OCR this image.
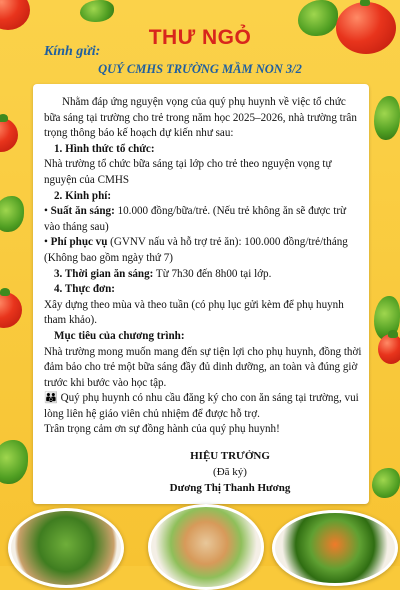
THƯ NGỎ
Kính gửi:
QUÝ CMHS TRƯỜNG MẦM NON 3/2

Nhằm đáp ứng nguyện vọng của quý phụ huynh về việc tổ chức bữa sáng tại trường cho trẻ trong năm học 2025–2026, nhà trường trân trọng thông báo kế hoạch dự kiến như sau:

1. Hình thức tổ chức:

Nhà trường tổ chức bữa sáng tại lớp cho trẻ theo nguyện vọng tự nguyện của CMHS

2. Kinh phí:

• Suất ăn sáng: 10.000 đồng/bữa/trẻ. (Nếu trẻ không ăn sẽ được trừ vào tháng sau)

• Phí phục vụ (GVNV nấu và hỗ trợ trẻ ăn): 100.000 đồng/trẻ/tháng (Không bao gồm ngày thứ 7)

3. Thời gian ăn sáng: Từ 7h30 đến 8h00 tại lớp.

4. Thực đơn:

Xây dựng theo mùa và theo tuần (có phụ lục gửi kèm để phụ huynh tham khảo).

Mục tiêu của chương trình:

Nhà trường mong muốn mang đến sự tiện lợi cho phụ huynh, đồng thời đảm bảo cho trẻ một bữa sáng đầy đủ dinh dưỡng, an toàn và đúng giờ trước khi bước vào học tập.

👪 Quý phụ huynh có nhu cầu đăng ký cho con ăn sáng tại trường, vui lòng liên hệ giáo viên chủ nhiệm để được hỗ trợ.

Trân trọng cảm ơn sự đồng hành của quý phụ huynh!

HIỆU TRƯỞNG
(Đã ký)
Dương Thị Thanh Hương
